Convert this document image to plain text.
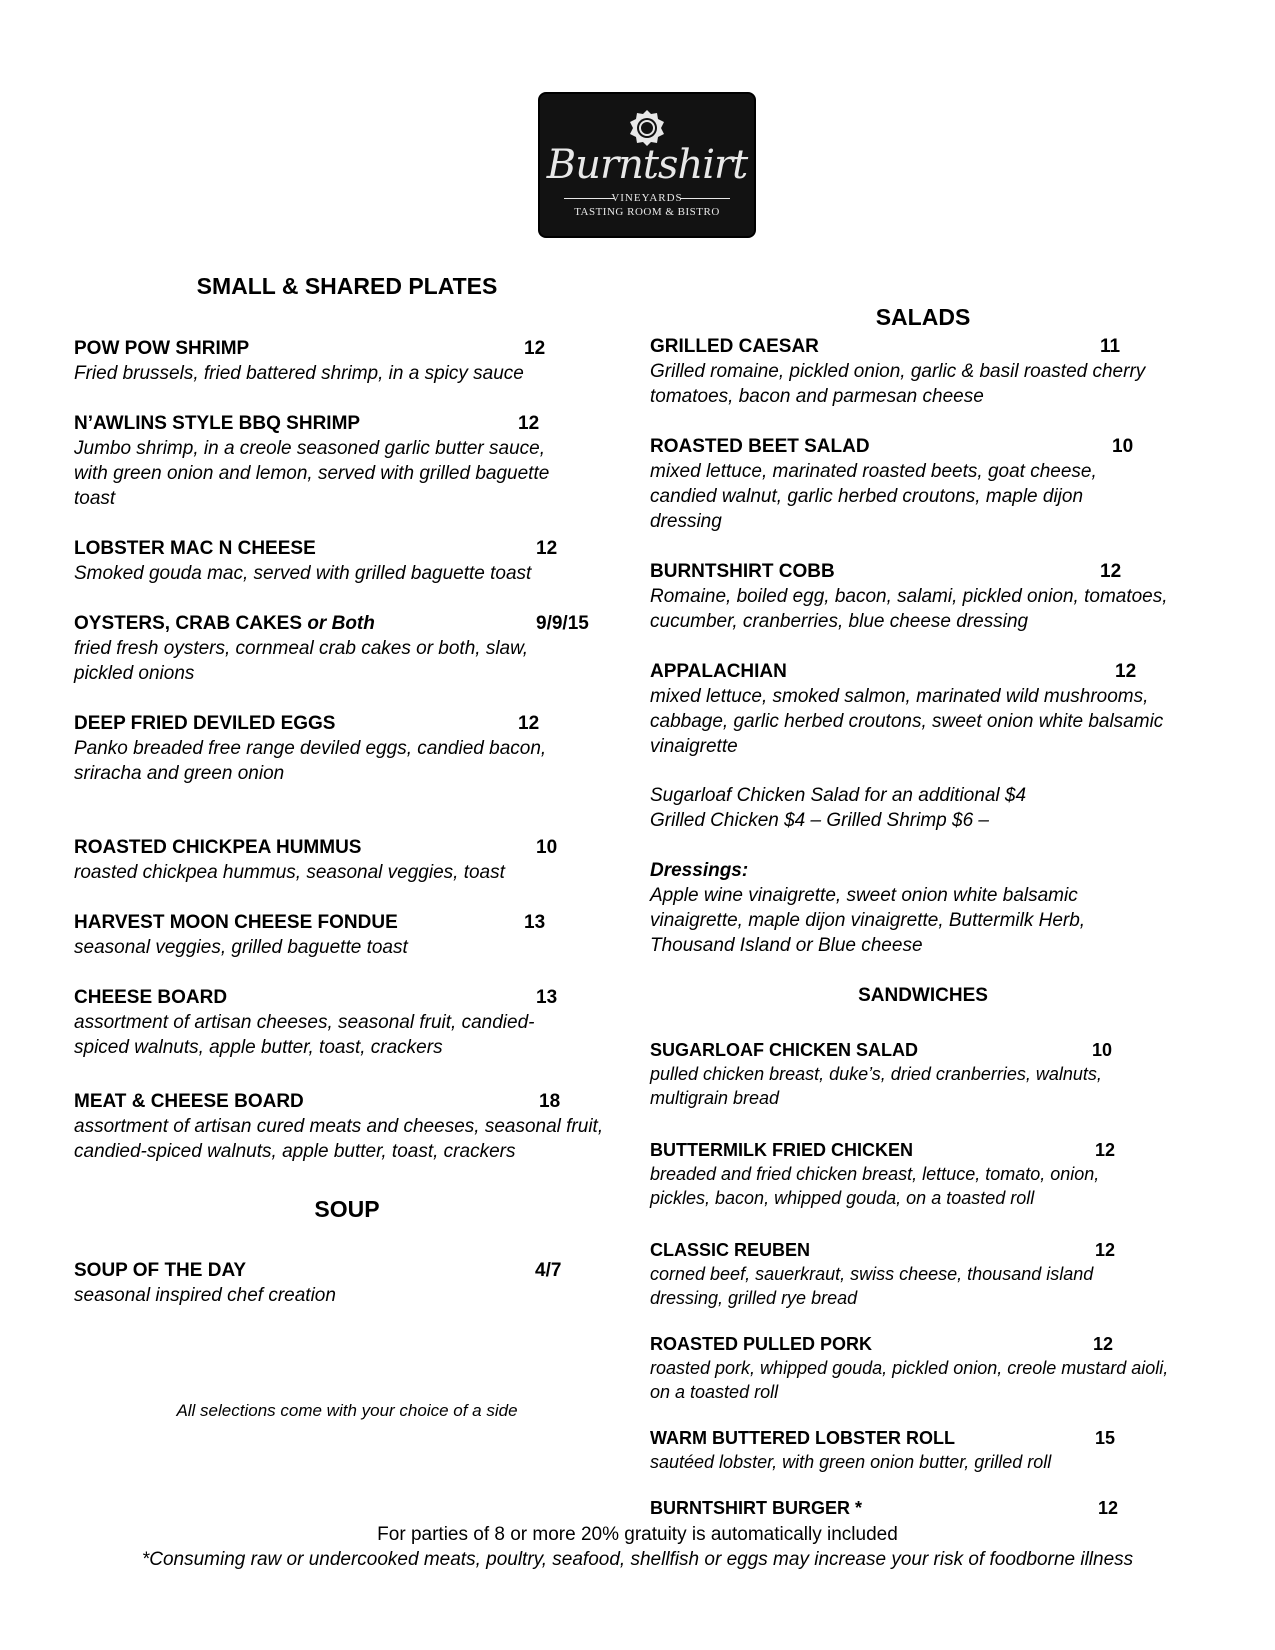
Burntshirt
VINEYARDS
TASTING ROOM & BISTRO
SMALL & SHARED PLATES
POW POW SHRIMP	12
Fried brussels, fried battered shrimp, in a spicy sauce
N’AWLINS STYLE BBQ SHRIMP	12
Jumbo shrimp, in a creole seasoned garlic butter sauce, with green onion and lemon, served with grilled baguette toast
LOBSTER MAC N CHEESE	12
Smoked gouda mac, served with grilled baguette toast
OYSTERS, CRAB CAKES or Both	9/9/15
fried fresh oysters, cornmeal crab cakes or both, slaw, pickled onions
DEEP FRIED DEVILED EGGS	12
Panko breaded free range deviled eggs, candied bacon, sriracha and green onion
ROASTED CHICKPEA HUMMUS	10
roasted chickpea hummus, seasonal veggies, toast
HARVEST MOON CHEESE FONDUE	13
seasonal veggies, grilled baguette toast
CHEESE BOARD	13
assortment of artisan cheeses, seasonal fruit, candied-spiced walnuts, apple butter, toast, crackers
MEAT & CHEESE BOARD	18
assortment of artisan cured meats and cheeses, seasonal fruit, candied-spiced walnuts, apple butter, toast, crackers
SOUP
SOUP OF THE DAY	4/7
seasonal inspired chef creation
All selections come with your choice of a side
SALADS
GRILLED CAESAR	11
Grilled romaine, pickled onion, garlic & basil roasted cherry tomatoes, bacon and parmesan cheese
ROASTED BEET SALAD	10
mixed lettuce, marinated roasted beets, goat cheese, candied walnut, garlic herbed croutons, maple dijon dressing
BURNTSHIRT COBB	12
Romaine, boiled egg, bacon, salami, pickled onion, tomatoes, cucumber, cranberries, blue cheese dressing
APPALACHIAN	12
mixed lettuce, smoked salmon, marinated wild mushrooms, cabbage, garlic herbed croutons, sweet onion white balsamic vinaigrette
Sugarloaf Chicken Salad for an additional $4
Grilled Chicken $4 – Grilled Shrimp $6 –
Dressings:
Apple wine vinaigrette, sweet onion white balsamic vinaigrette, maple dijon vinaigrette, Buttermilk Herb, Thousand Island or Blue cheese
SANDWICHES
SUGARLOAF CHICKEN SALAD	10
pulled chicken breast, duke’s, dried cranberries, walnuts, multigrain bread
BUTTERMILK FRIED CHICKEN	12
breaded and fried chicken breast, lettuce, tomato, onion, pickles, bacon, whipped gouda, on a toasted roll
CLASSIC REUBEN	12
corned beef, sauerkraut, swiss cheese, thousand island dressing, grilled rye bread
ROASTED PULLED PORK	12
roasted pork, whipped gouda, pickled onion, creole mustard aioli, on a toasted roll
WARM BUTTERED LOBSTER ROLL	15
sautéed lobster, with green onion butter, grilled roll
BURNTSHIRT BURGER *	12
For parties of 8 or more 20% gratuity is automatically included
*Consuming raw or undercooked meats, poultry, seafood, shellfish or eggs may increase your risk of foodborne illness
